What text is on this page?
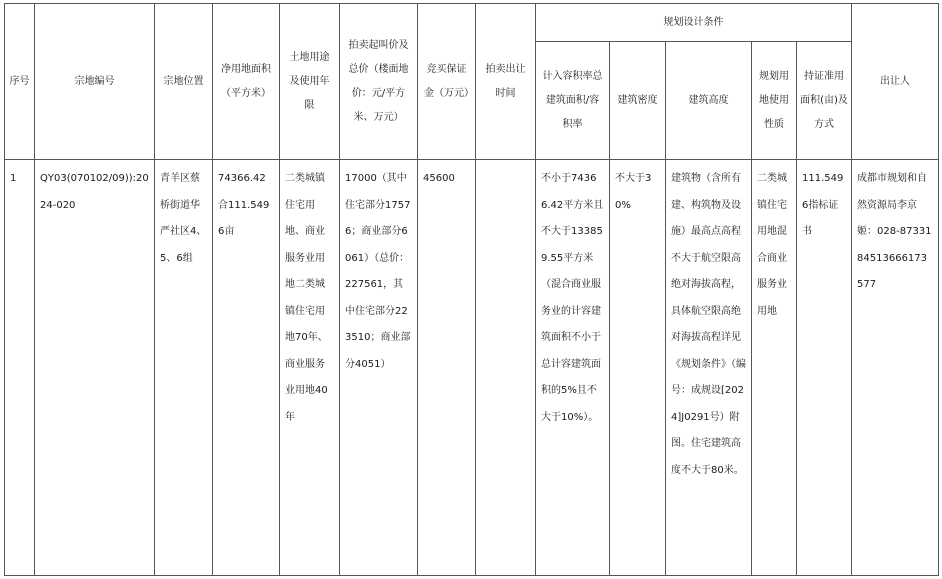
序号	宗地编号	宗地位置	净用地面积（平方米）	土地用途及使用年限	拍卖起叫价及总价（楼面地价：元/平方米、万元）	竞买保证金（万元）	拍卖出让时间	规划设计条件					出让人
								计入容积率总建筑面积/容积率	建筑密度	建筑高度	规划用地使用性质	持证准用面积(亩)及方式	
1	QY03(070102/09)):2024-020	青羊区蔡桥街道华严社区4、5、6组	74366.42合111.5496亩	二类城镇住宅用地、商业服务业用地二类城镇住宅用地70年、商业服务业用地40年	17000（其中住宅部分17576；商业部分6061）（总价：227561，其中住宅部分223510；商业部分4051）	45600		不小于74366.42平方米且不大于133859.55平方米（混合商业服务业的计容建筑面积不小于总计容建筑面积的5%且不大于10%）。	不大于30%	建筑物（含所有建、构筑物及设施）最高点高程不大于航空限高绝对海拔高程，具体航空限高绝对海拔高程详见《规划条件》（编号：成规设[2024]J0291号）附图。住宅建筑高度不大于80米。	二类城镇住宅用地混合商业服务业用地	111.5496指标证书	成都市规划和自然资源局李京姬：028-8733184513666173577
